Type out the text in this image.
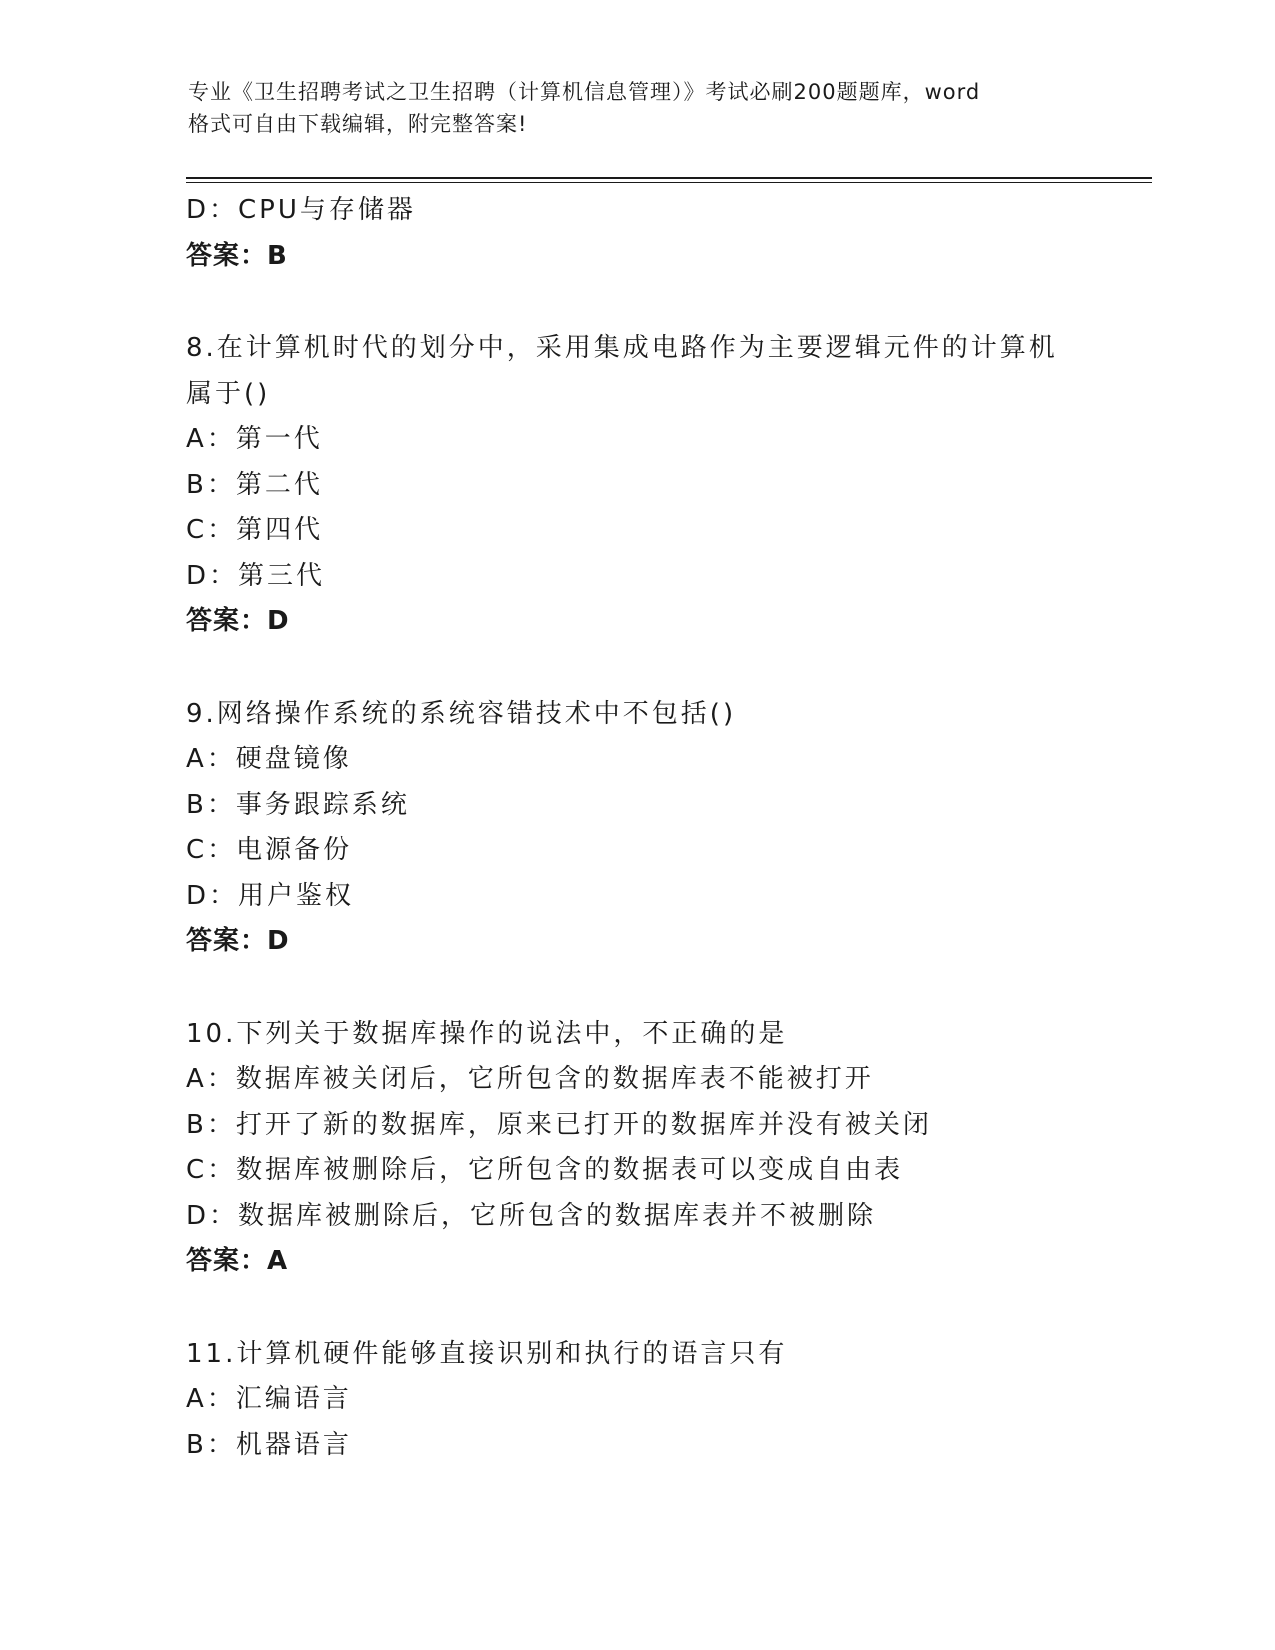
专业《卫生招聘考试之卫生招聘（计算机信息管理）》考试必刷200题题库，word
格式可自由下载编辑，附完整答案!
D：CPU与存储器
答案：B
8.在计算机时代的划分中，采用集成电路作为主要逻辑元件的计算机
属于()
A：第一代
B：第二代
C：第四代
D：第三代
答案：D
9.网络操作系统的系统容错技术中不包括()
A：硬盘镜像
B：事务跟踪系统
C：电源备份
D：用户鉴权
答案：D
10.下列关于数据库操作的说法中，不正确的是
A：数据库被关闭后，它所包含的数据库表不能被打开
B：打开了新的数据库，原来已打开的数据库并没有被关闭
C：数据库被删除后，它所包含的数据表可以变成自由表
D：数据库被删除后，它所包含的数据库表并不被删除
答案：A
11.计算机硬件能够直接识别和执行的语言只有
A：汇编语言
B：机器语言
